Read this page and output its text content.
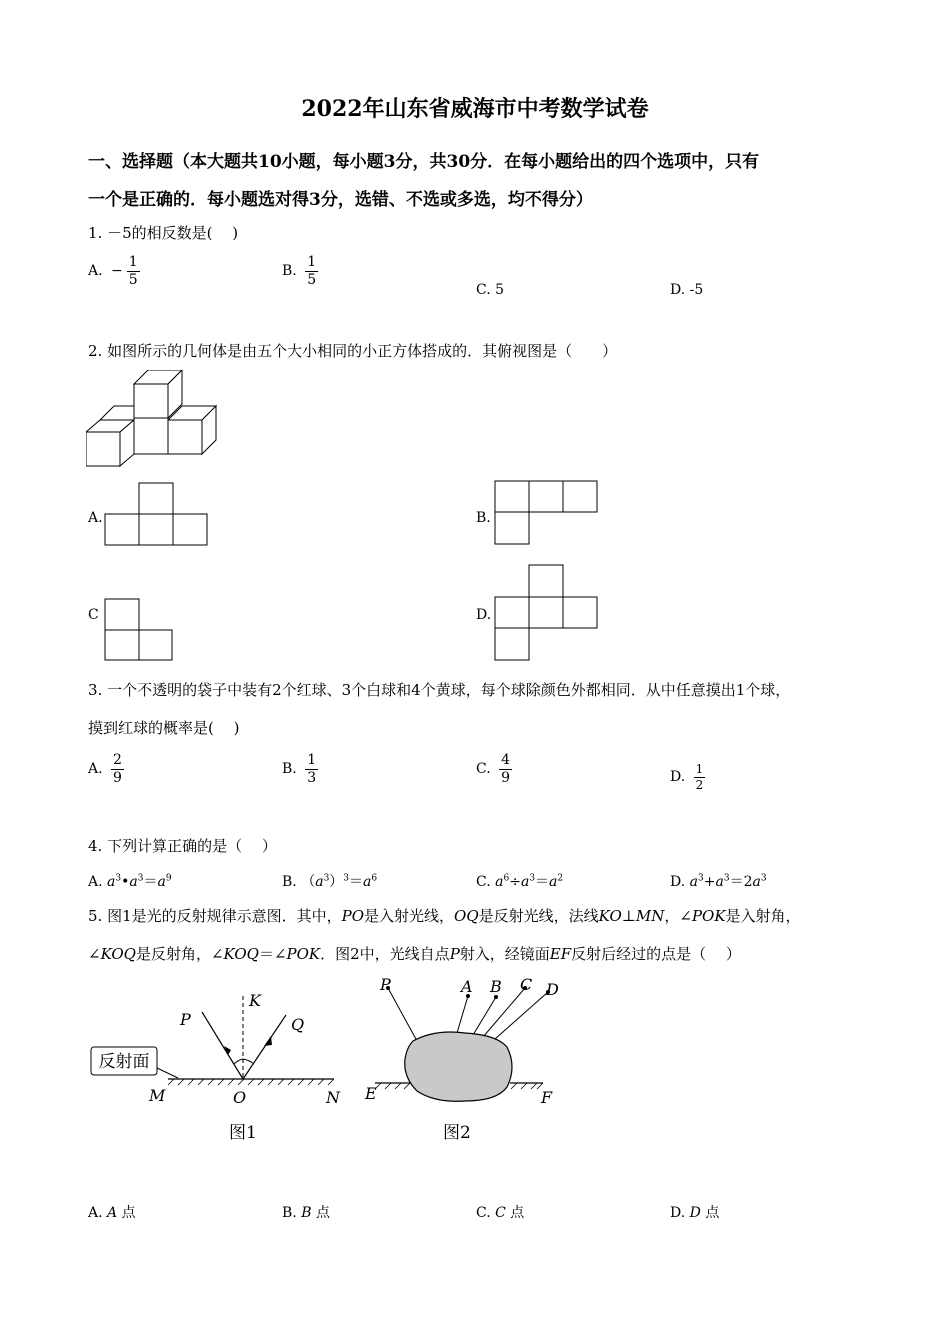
2022年山东省威海市中考数学试卷
一、选择题（本大题共10小题，每小题3分，共30分．在每小题给出的四个选项中，只有
一个是正确的．每小题选对得3分，选错、不选或多选，均不得分）
1. －5的相反数是(　 )
A. − $\frac{1}{5}$	B. $\frac{1}{5}$
C. 5	D. -5
2. 如图所示的几何体是由五个大小相同的小正方体搭成的．其俯视图是（　　）
A.	B.
C	D.
3. 一个不透明的袋子中装有2个红球、3个白球和4个黄球，每个球除颜色外都相同．从中任意摸出1个球，
摸到红球的概率是(　 )
A. $\frac{2}{9}$	B. $\frac{1}{3}$	C. $\frac{4}{9}$	D. $\frac{1}{2}$
4. 下列计算正确的是（　 ）
A. $a^3•a^3=a^9$	B. $(a^3)^3=a^6$	C. $a^6\div a^3=a^2$	D. $a^3+a^3=2a^3$
5. 图1是光的反射规律示意图．其中，PO是入射光线，OQ是反射光线，法线KO⊥MN，∠POK是入射角，
∠KOQ是反射角，∠KOQ＝∠POK．图2中，光线自点P射入，经镜面EF反射后经过的点是（　 ）
反射面
P
K
Q
M	O	N
图1
P	A B C D
E	F
图2
A. A 点	B. B 点	C. C 点	D. D 点
